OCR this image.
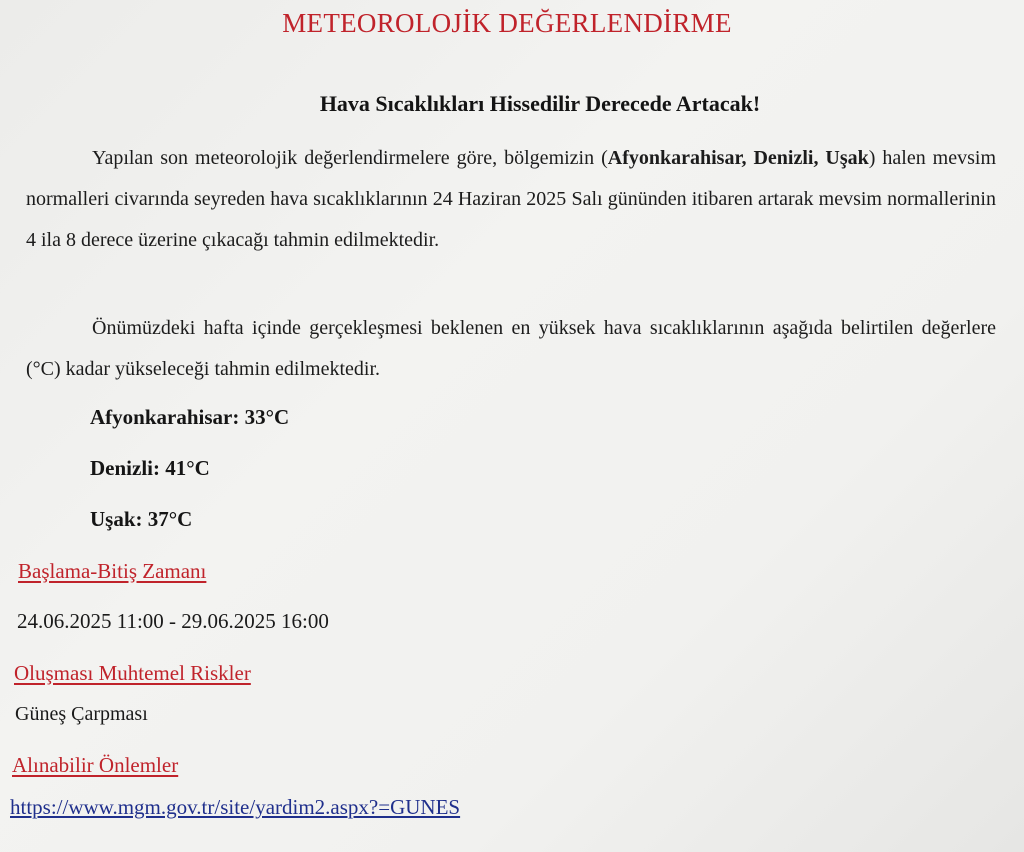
METEOROLOJİK DEĞERLENDİRME
Hava Sıcaklıkları Hissedilir Derecede Artacak!
Yapılan son meteorolojik değerlendirmelere göre, bölgemizin (Afyonkarahisar, Denizli, Uşak) halen mevsim normalleri civarında seyreden hava sıcaklıklarının 24 Haziran 2025 Salı gününden itibaren artarak mevsim normallerinin 4 ila 8 derece üzerine çıkacağı tahmin edilmektedir.
Önümüzdeki hafta içinde gerçekleşmesi beklenen en yüksek hava sıcaklıklarının aşağıda belirtilen değerlere (°C) kadar yükseleceği tahmin edilmektedir.
Afyonkarahisar: 33°C
Denizli: 41°C
Uşak: 37°C
Başlama-Bitiş Zamanı
24.06.2025 11:00 - 29.06.2025 16:00
Oluşması Muhtemel Riskler
Güneş Çarpması
Alınabilir Önlemler
https://www.mgm.gov.tr/site/yardim2.aspx?=GUNES
